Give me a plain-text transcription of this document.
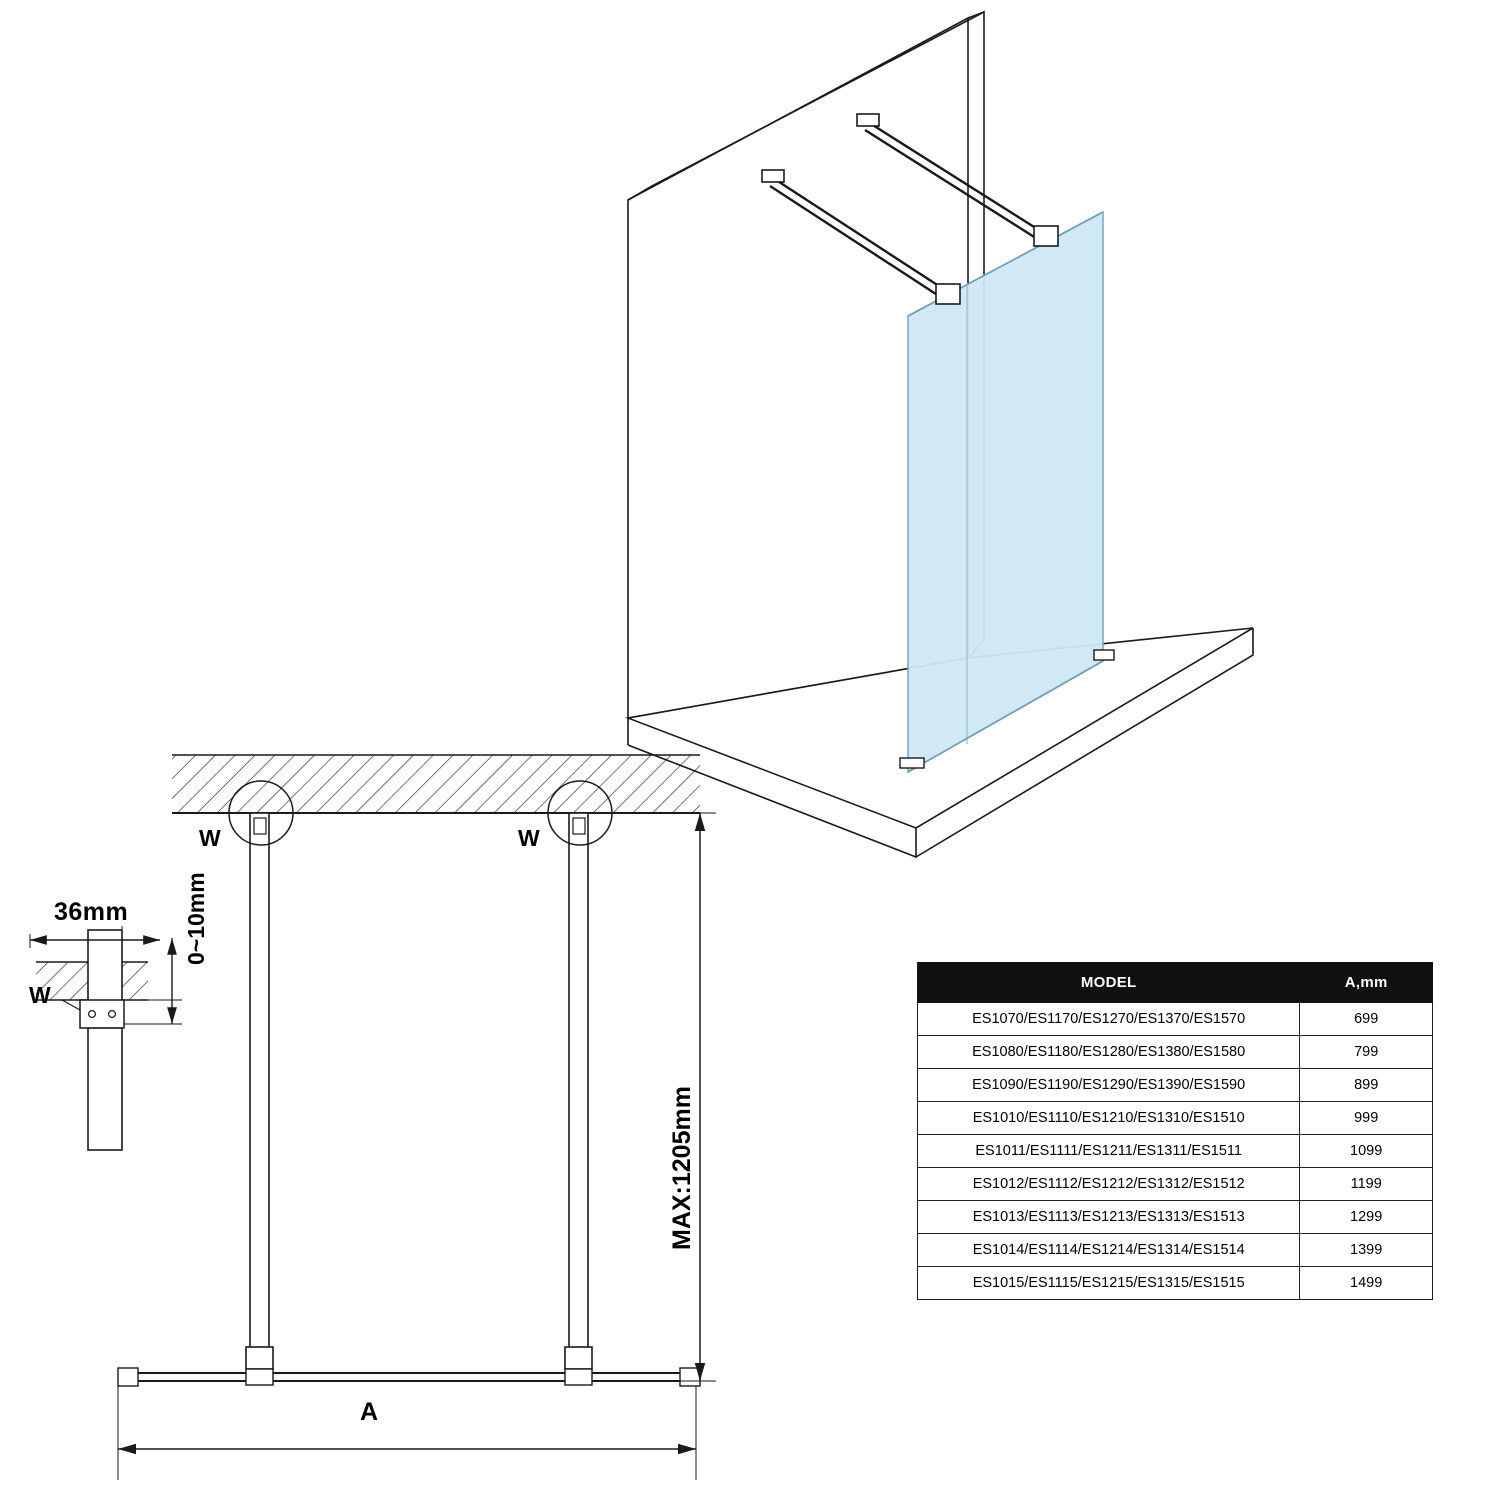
36mm 0~10mm
MAX:1205mm
A
W	W
W	MODEL	A,mm
ES1070/ES1170/ES1270/ES1370/ES1570	699
ES1080/ES1180/ES1280/ES1380/ES1580	799
ES1090/ES1190/ES1290/ES1390/ES1590	899
ES1010/ES1110/ES1210/ES1310/ES1510	999
ES1011/ES1111/ES1211/ES1311/ES1511	1099
ES1012/ES1112/ES1212/ES1312/ES1512	1199
ES1013/ES1113/ES1213/ES1313/ES1513	1299
ES1014/ES1114/ES1214/ES1314/ES1514	1399
ES1015/ES1115/ES1215/ES1315/ES1515	1499
